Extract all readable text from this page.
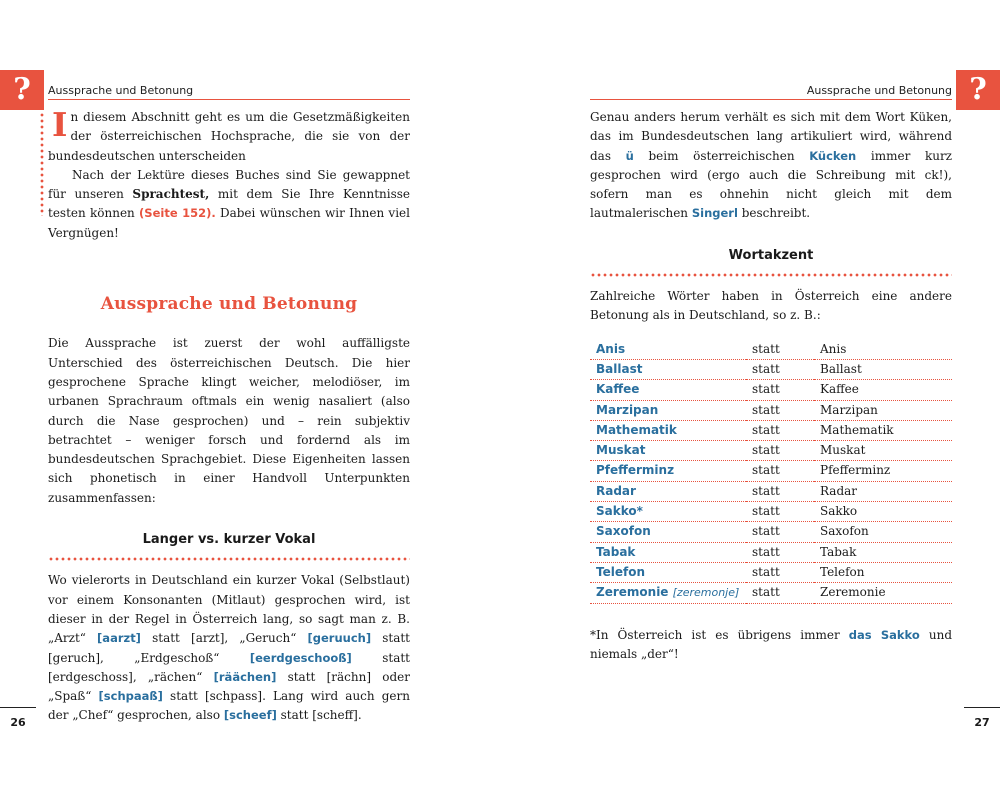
?	?
Aussprache und Betonung	Aussprache und Betonung

In diesem Abschnitt geht es um die Gesetzmäßigkeiten der österreichischen Hochsprache, die sie von der bundesdeutschen unterscheiden

Nach der Lektüre dieses Buches sind Sie gewappnet für unseren Sprachtest, mit dem Sie Ihre Kenntnisse testen können (Seite 152). Dabei wünschen wir Ihnen viel Vergnügen!

Aussprache und Betonung

Die Aussprache ist zuerst der wohl auffälligste Unterschied des österreichischen Deutsch. Die hier gesprochene Sprache klingt weicher, melodiöser, im urbanen Sprachraum oftmals ein wenig nasaliert (also durch die Nase gesprochen) und – rein subjektiv betrachtet – weniger forsch und fordernd als im bundesdeutschen Sprachgebiet. Diese Eigenheiten lassen sich phonetisch in einer Handvoll Unterpunkten zusammenfassen:

Langer vs. kurzer Vokal

Wo vielerorts in Deutschland ein kurzer Vokal (Selbstlaut) vor einem Konsonanten (Mitlaut) gesprochen wird, ist dieser in der Regel in Österreich lang, so sagt man z. B. „Arzt“ [aarzt] statt [arzt], „Geruch“ [geruuch] statt [geruch], „Erdgeschoß“ [eerdgeschooß] statt [erdgeschoss], „rächen“ [räächen] statt [rächn] oder „Spaß“ [schpaaß] statt [schpass]. Lang wird auch gern der „Chef“ gesprochen, also [scheef] statt [scheff].

Genau anders herum verhält es sich mit dem Wort Küken, das im Bundesdeutschen lang artikuliert wird, während das ü beim österreichischen Kücken immer kurz gesprochen wird (ergo auch die Schreibung mit ck!), sofern man es ohnehin nicht gleich mit dem lautmalerischen Singerl beschreibt.

Wortakzent

Zahlreiche Wörter haben in Österreich eine andere Betonung als in Deutschland, so z. B.:

Anis	statt	Anis
Ballast	statt	Ballast
Kaffee	statt	Kaffee
Marzipan	statt	Marzipan
Mathematik	statt	Mathematik
Muskat	statt	Muskat
Pfefferminz	statt	Pfefferminz
Radar	statt	Radar
Sakko*	statt	Sakko
Saxofon	statt	Saxofon
Tabak	statt	Tabak
Telefon	statt	Telefon
Zeremonie [zeremonje]	statt	Zeremonie

*In Österreich ist es übrigens immer das Sakko und niemals „der“!

26	27
